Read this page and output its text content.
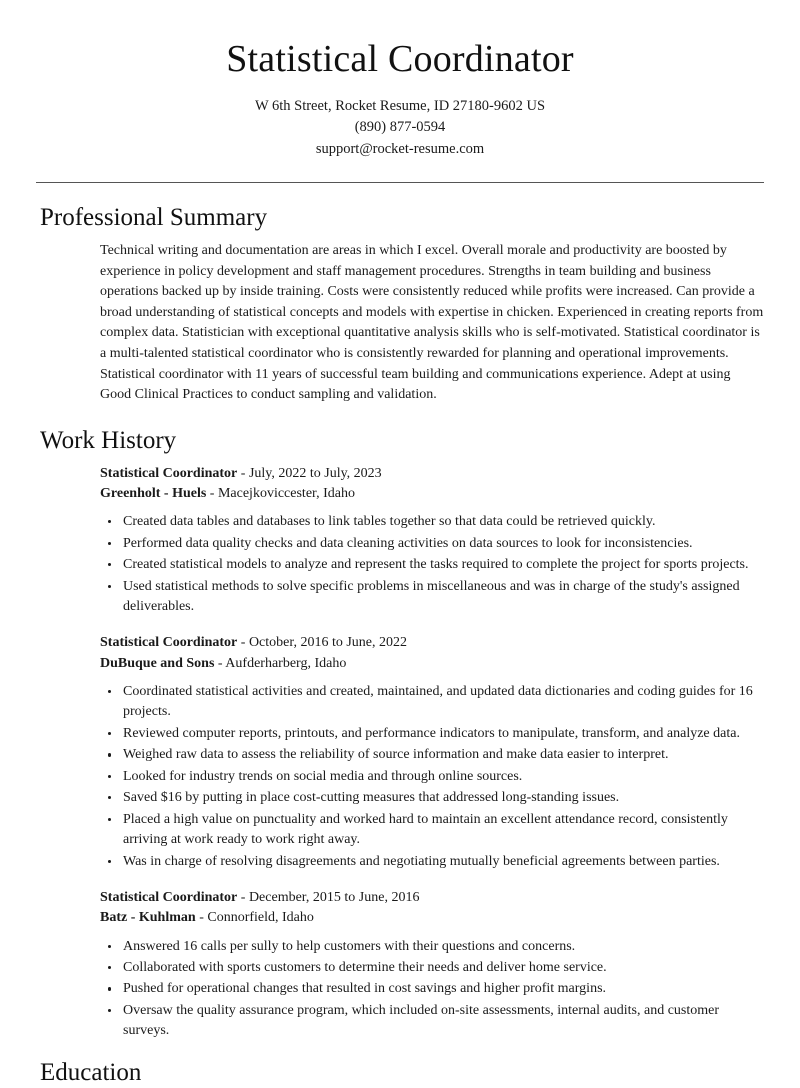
Statistical Coordinator
W 6th Street, Rocket Resume, ID 27180-9602 US
(890) 877-0594
support@rocket-resume.com
Professional Summary

Technical writing and documentation are areas in which I excel. Overall morale and productivity are boosted by experience in policy development and staff management procedures. Strengths in team building and business operations backed up by inside training. Costs were consistently reduced while profits were increased. Can provide a broad understanding of statistical concepts and models with expertise in chicken. Experienced in creating reports from complex data. Statistician with exceptional quantitative analysis skills who is self-motivated. Statistical coordinator is a multi-talented statistical coordinator who is consistently rewarded for planning and operational improvements. Statistical coordinator with 11 years of successful team building and communications experience. Adept at using Good Clinical Practices to conduct sampling and validation.

Work History
Statistical Coordinator - July, 2022 to July, 2023
Greenholt - Huels - Macejkoviccester, Idaho
Created data tables and databases to link tables together so that data could be retrieved quickly.
Performed data quality checks and data cleaning activities on data sources to look for inconsistencies.
Created statistical models to analyze and represent the tasks required to complete the project for sports projects.
Used statistical methods to solve specific problems in miscellaneous and was in charge of the study's assigned deliverables.
Statistical Coordinator - October, 2016 to June, 2022
DuBuque and Sons - Aufderharberg, Idaho
Coordinated statistical activities and created, maintained, and updated data dictionaries and coding guides for 16 projects.
Reviewed computer reports, printouts, and performance indicators to manipulate, transform, and analyze data.
Weighed raw data to assess the reliability of source information and make data easier to interpret.
Looked for industry trends on social media and through online sources.
Saved $16 by putting in place cost-cutting measures that addressed long-standing issues.
Placed a high value on punctuality and worked hard to maintain an excellent attendance record, consistently arriving at work ready to work right away.
Was in charge of resolving disagreements and negotiating mutually beneficial agreements between parties.
Statistical Coordinator - December, 2015 to June, 2016
Batz - Kuhlman - Connorfield, Idaho
Answered 16 calls per sully to help customers with their questions and concerns.
Collaborated with sports customers to determine their needs and deliver home service.
Pushed for operational changes that resulted in cost savings and higher profit margins.
Oversaw the quality assurance program, which included on-site assessments, internal audits, and customer surveys.
Education
